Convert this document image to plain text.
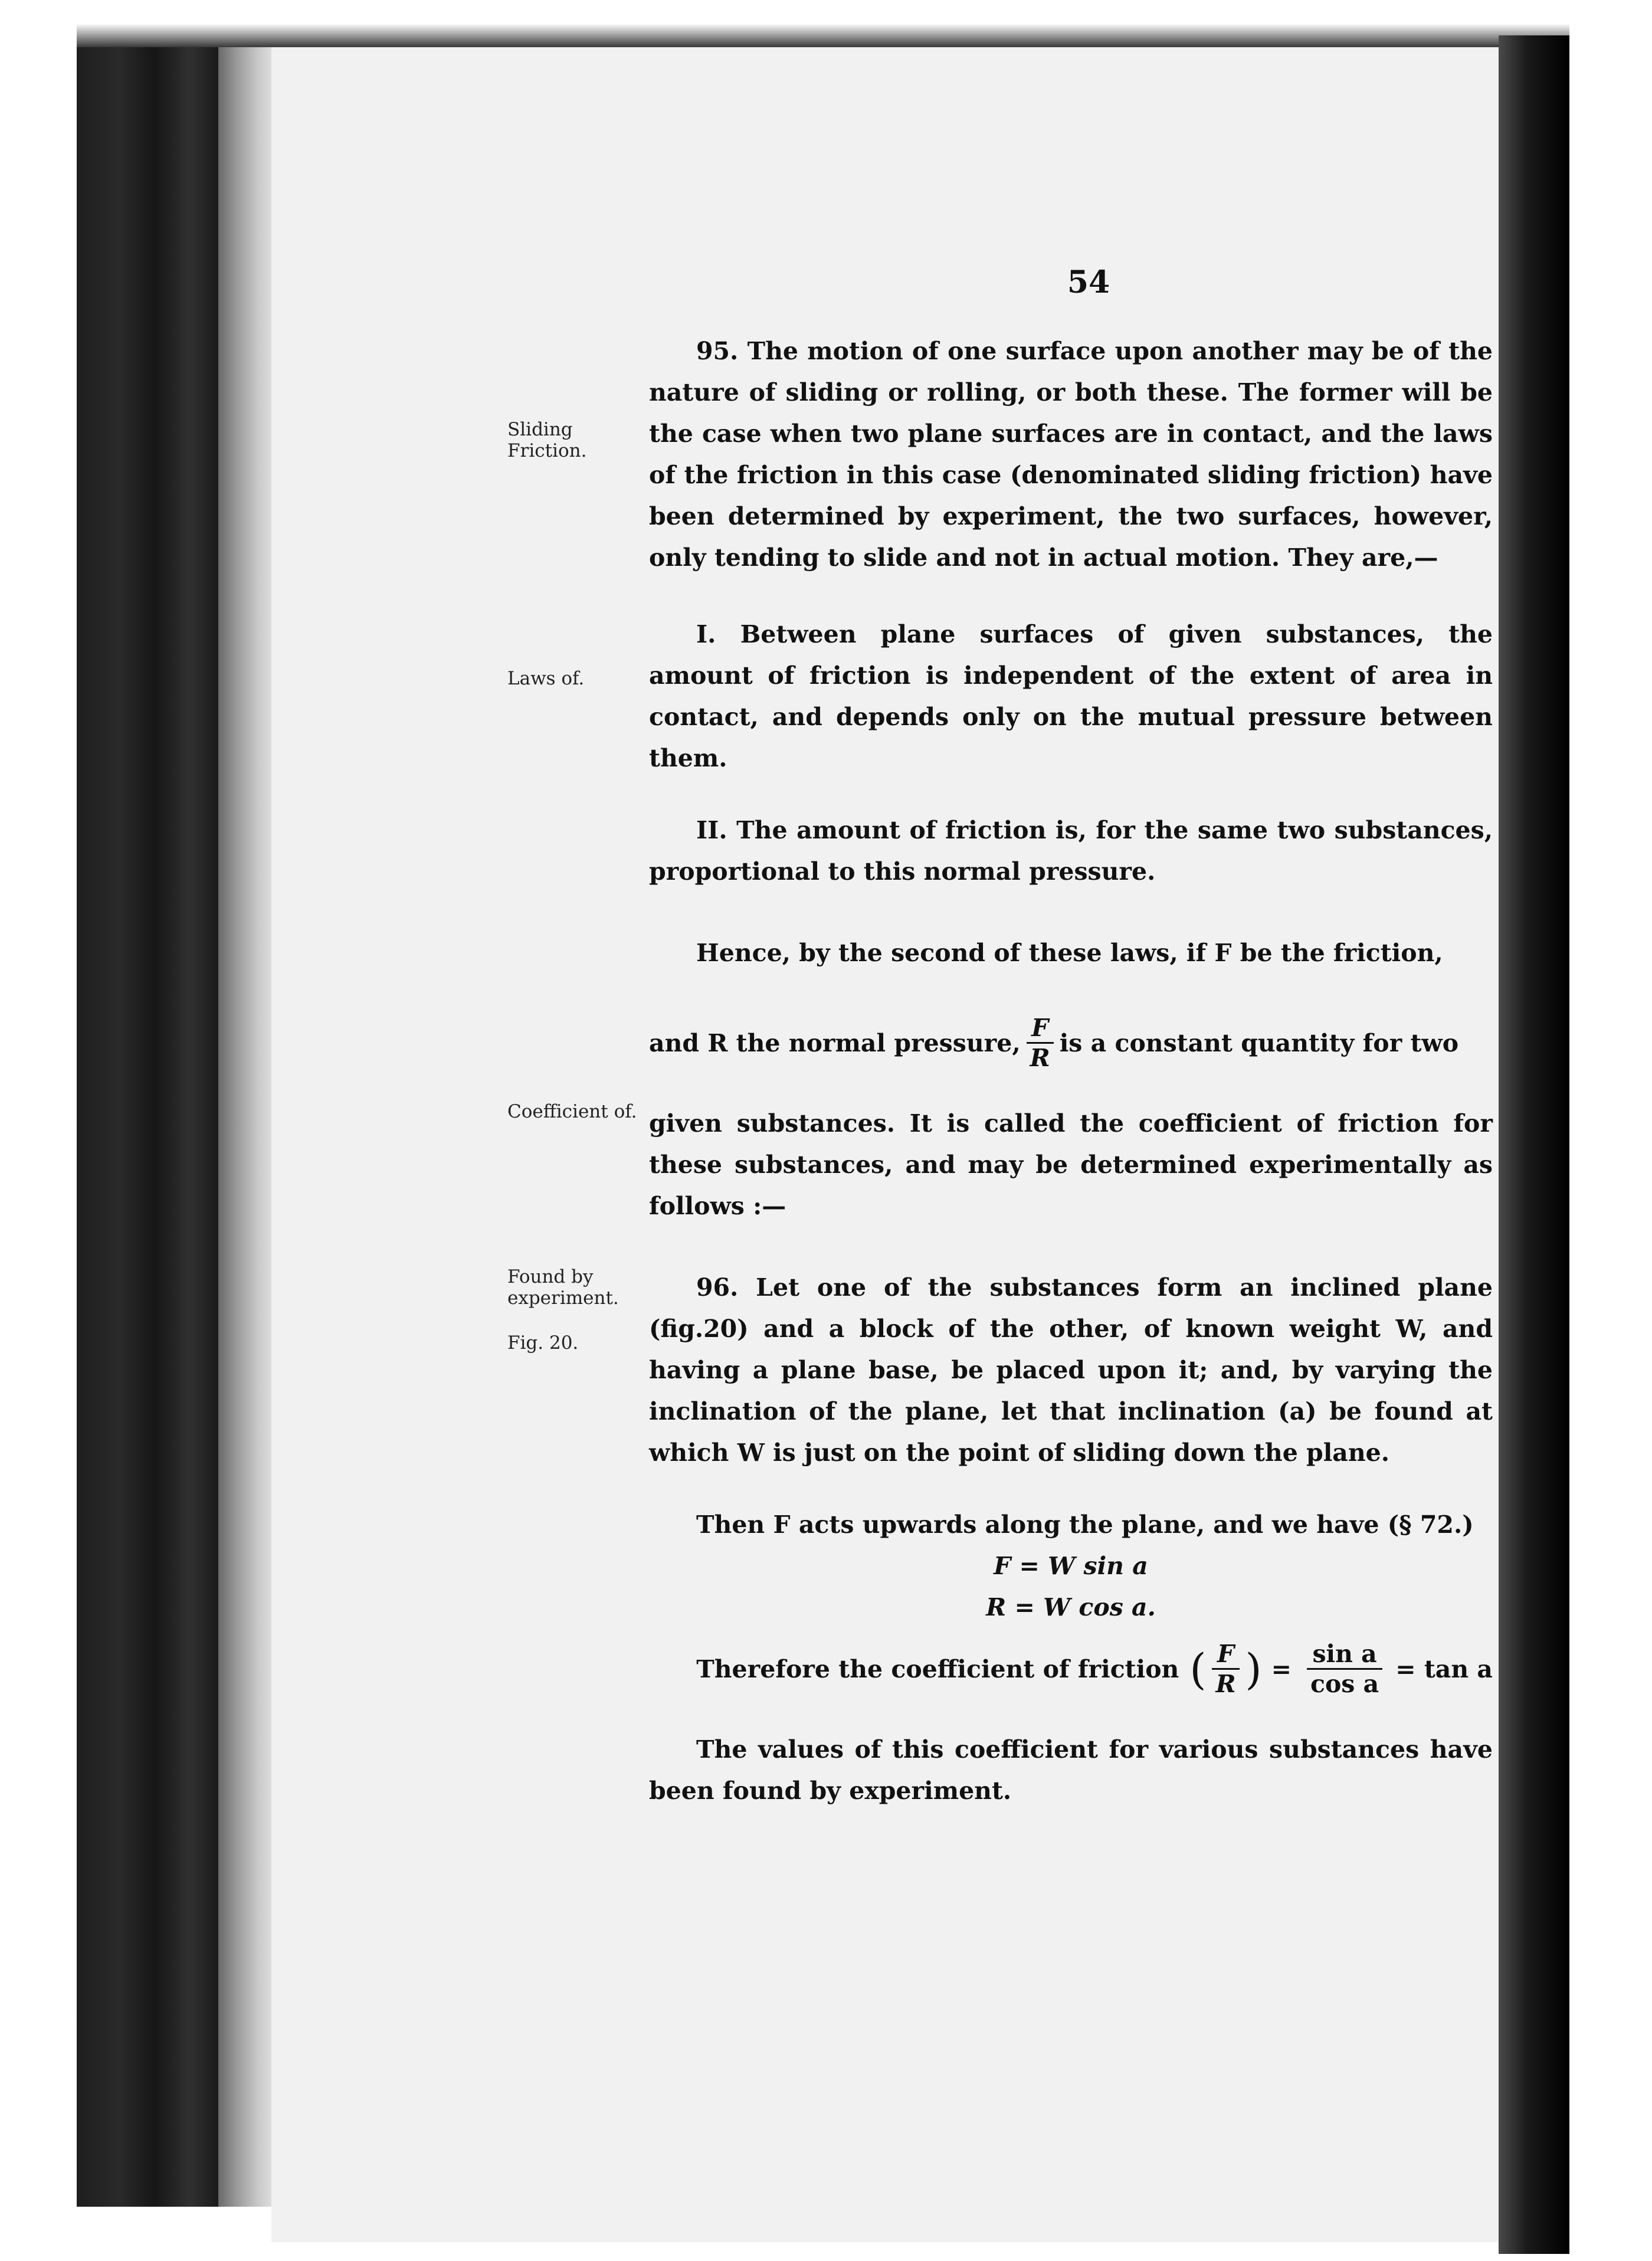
54
Sliding Friction.
Laws of.
Coefficient of.
Found by experiment.
Fig. 20.

95. The motion of one surface upon another may be of the nature of sliding or rolling, or both these. The former will be the case when two plane surfaces are in contact, and the laws of the friction in this case (denominated sliding friction) have been determined by experiment, the two surfaces, however, only tending to slide and not in actual motion. They are,—

I. Between plane surfaces of given substances, the amount of friction is independent of the extent of area in contact, and depends only on the mutual pressure between them.

II. The amount of friction is, for the same two substances, proportional to this normal pressure.

Hence, by the second of these laws, if F be the friction,

and R the normal pressure, $\frac{F}{R}$ is a constant quantity for two

given substances. It is called the coefficient of friction for these substances, and may be determined experimentally as follows :—

96. Let one of the substances form an inclined plane (fig.20) and a block of the other, of known weight W, and having a plane base, be placed upon it; and, by varying the inclination of the plane, let that inclination (a) be found at which W is just on the point of sliding down the plane.

Then F acts upwards along the plane, and we have (§ 72.)

F = W sin a

R = W cos a.

Therefore the coefficient of friction ( $\frac{F}{R}$ ) = $\frac{\text{sin a}}{\text{cos a}} = \tan a$

The values of this coefficient for various substances have been found by experiment.
